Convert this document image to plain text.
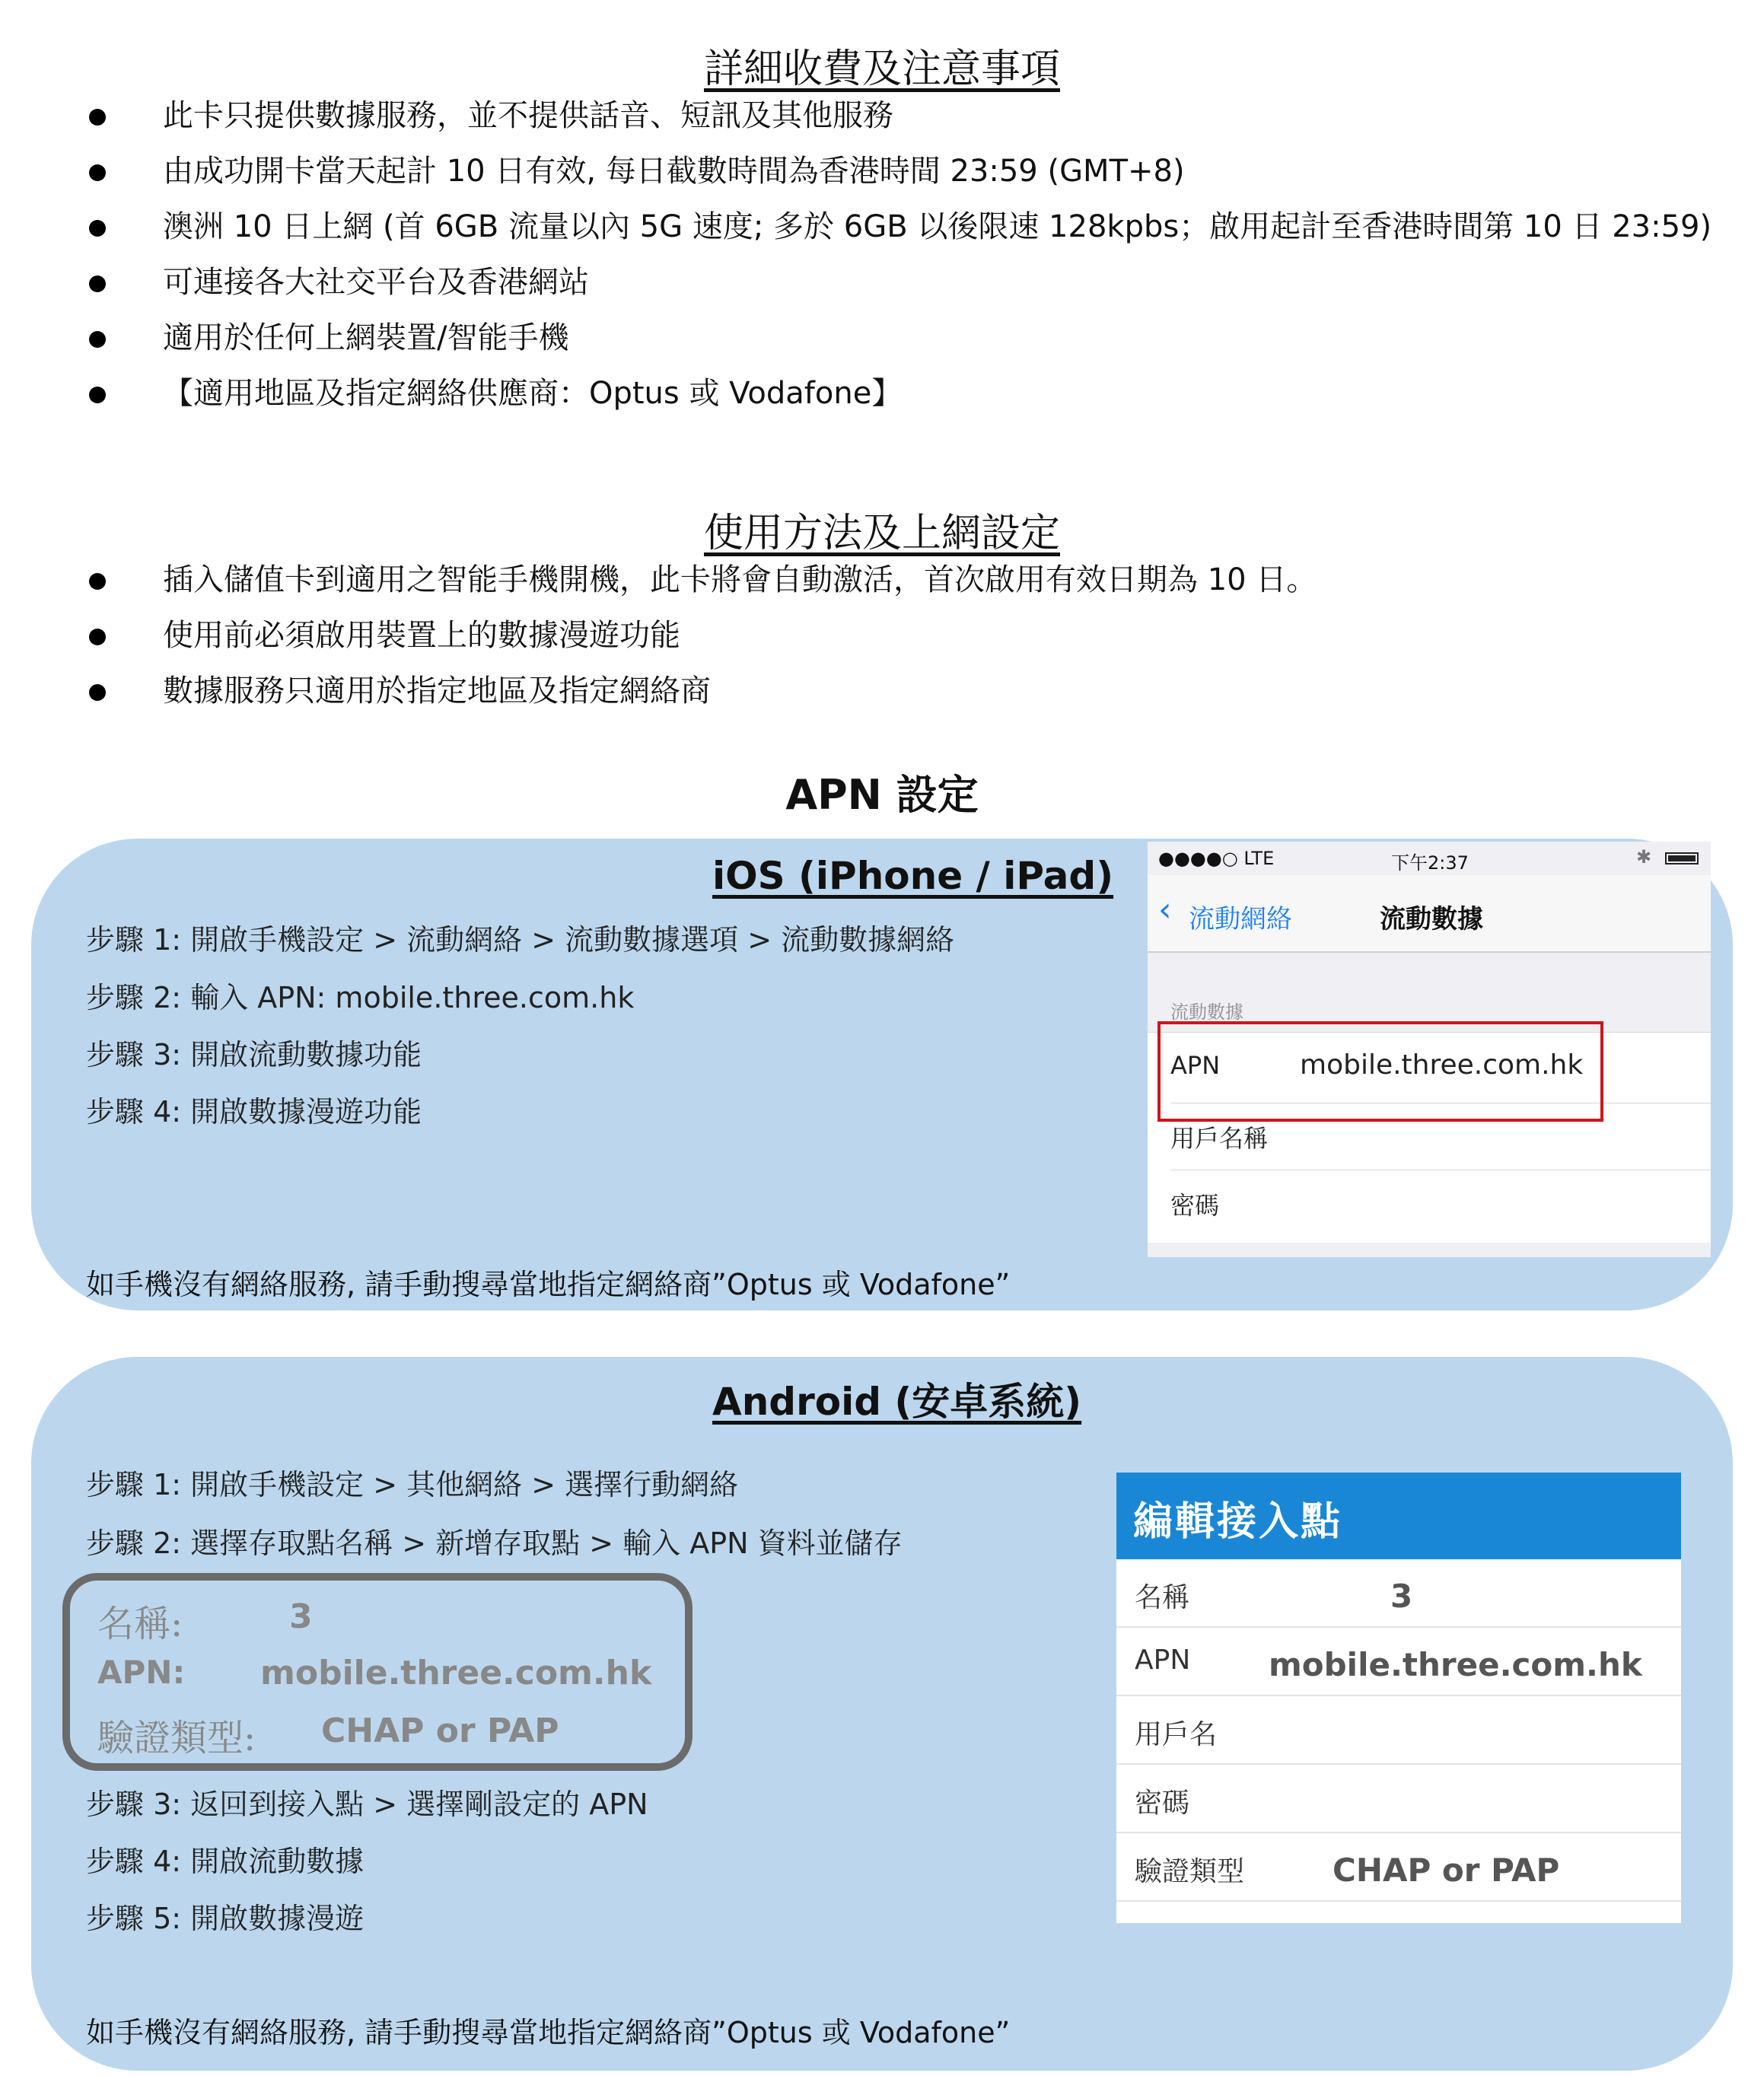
詳細收費及注意事項
此卡只提供數據服務，並不提供話音、短訊及其他服務
由成功開卡當天起計 10 日有效, 每日截數時間為香港時間 23:59 (GMT+8)
澳洲 10 日上網 (首 6GB 流量以內 5G 速度; 多於 6GB 以後限速 128kpbs；啟用起計至香港時間第 10 日 23:59)
可連接各大社交平台及香港網站
適用於任何上網裝置/智能手機
【適用地區及指定網絡供應商：Optus 或 Vodafone】
使用方法及上網設定
插入儲值卡到適用之智能手機開機，此卡將會自動激活，首次啟用有效日期為 10 日。
使用前必須啟用裝置上的數據漫遊功能
數據服務只適用於指定地區及指定網絡商
APN 設定
iOS (iPhone / iPad)
步驟 1: 開啟手機設定 > 流動網絡 > 流動數據選項 > 流動數據網絡
步驟 2: 輸入 APN: mobile.three.com.hk
步驟 3: 開啟流動數據功能
步驟 4: 開啟數據漫遊功能
如手機沒有網絡服務, 請手動搜尋當地指定網絡商”Optus 或 Vodafone”
●●●●○ LTE	下午2:37	✱
‹ 流動網絡	流動數據
流動數據
APN	mobile.three.com.hk
用戶名稱
密碼
Android (安卓系統)
步驟 1: 開啟手機設定 > 其他網絡 > 選擇行動網絡
步驟 2: 選擇存取點名稱 > 新增存取點 > 輸入 APN 資料並儲存
名稱:	3
APN: mobile.three.com.hk
驗證類型: CHAP or PAP
步驟 3: 返回到接入點 > 選擇剛設定的 APN
步驟 4: 開啟流動數據
步驟 5: 開啟數據漫遊
如手機沒有網絡服務, 請手動搜尋當地指定網絡商”Optus 或 Vodafone”
編輯接入點
名稱	3
APN mobile.three.com.hk
用戶名
密碼
驗證類型	CHAP or PAP
